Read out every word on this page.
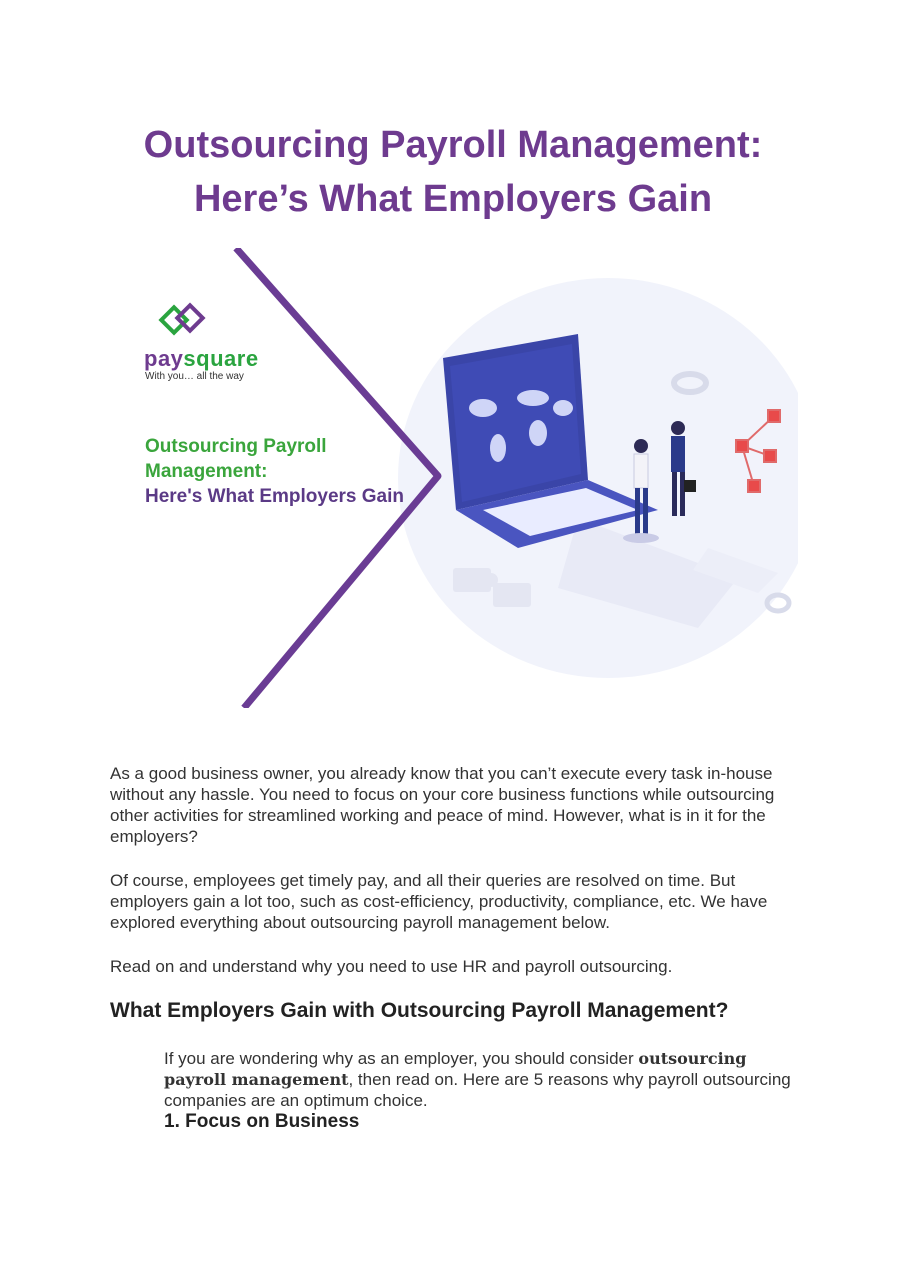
Outsourcing Payroll Management:
Here’s What Employers Gain
paysquare
With you… all the way
Outsourcing Payroll
Management:
Here's What Employers Gain

As a good business owner, you already know that you can’t execute every task in-house without any hassle. You need to focus on your core business functions while outsourcing other activities for streamlined working and peace of mind. However, what is in it for the employers?

Of course, employees get timely pay, and all their queries are resolved on time. But employers gain a lot too, such as cost-efficiency, productivity, compliance, etc. We have explored everything about outsourcing payroll management below.

Read on and understand why you need to use HR and payroll outsourcing.

What Employers Gain with Outsourcing Payroll Management?

If you are wondering why as an employer, you should consider outsourcing payroll management, then read on. Here are 5 reasons why payroll outsourcing companies are an optimum choice.

1. Focus on Business
